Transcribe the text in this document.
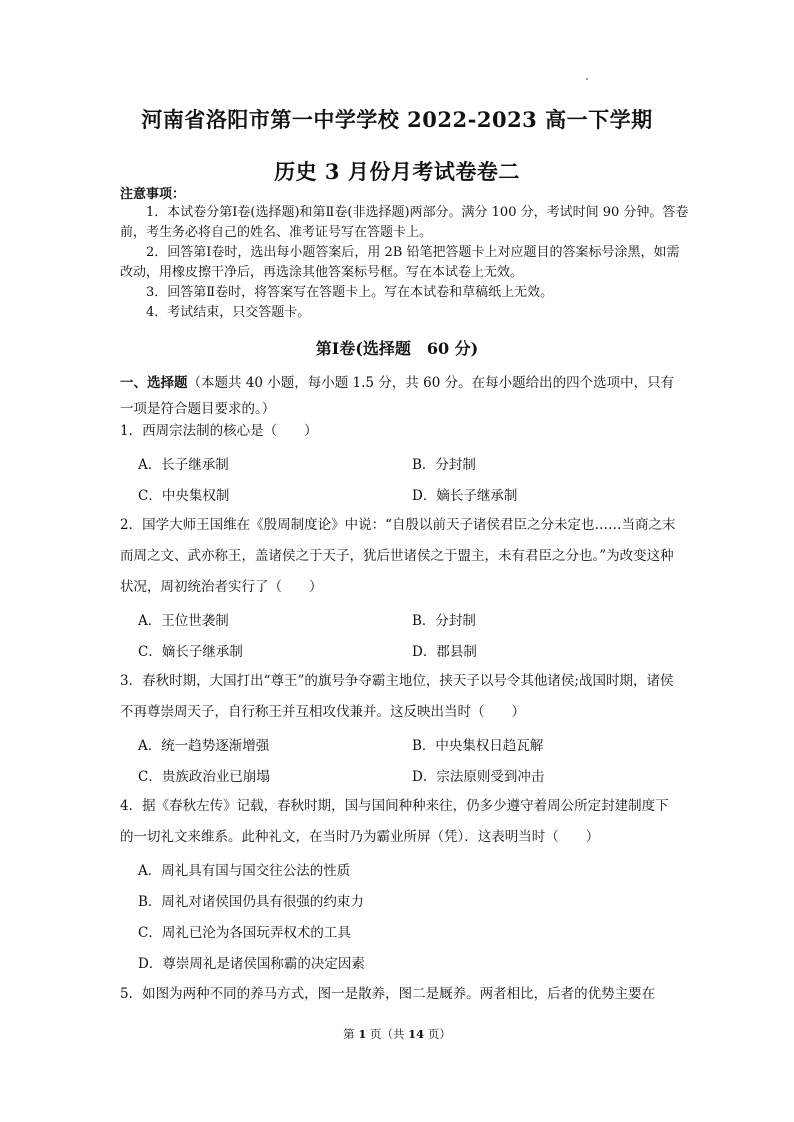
河南省洛阳市第一中学学校 2022-2023 高一下学期
历史 3 月份月考试卷卷二
注意事项：
1．本试卷分第Ⅰ卷(选择题)和第Ⅱ卷(非选择题)两部分。满分 100 分，考试时间 90 分钟。答卷前，考生务必将自己的姓名、准考证号写在答题卡上。
2．回答第Ⅰ卷时，选出每小题答案后，用 2B 铅笔把答题卡上对应题目的答案标号涂黑，如需改动，用橡皮擦干净后，再选涂其他答案标号框。写在本试卷上无效。
3．回答第Ⅱ卷时，将答案写在答题卡上。写在本试卷和草稿纸上无效。
4．考试结束，只交答题卡。
第Ⅰ卷(选择题　60 分)
一、选择题（本题共 40 小题，每小题 1.5 分，共 60 分。在每小题给出的四个选项中，只有一项是符合题目要求的。）
1．西周宗法制的核心是（　　）
A．长子继承制	B．分封制
C．中央集权制	D．嫡长子继承制
2．国学大师王国维在《殷周制度论》中说：“自殷以前天子诸侯君臣之分未定也……当商之末而周之文、武亦称王，盖诸侯之于天子，犹后世诸侯之于盟主，未有君臣之分也。”为改变这种状况，周初统治者实行了（　　）
A．王位世袭制	B．分封制
C．嫡长子继承制	D．郡县制
3．春秋时期，大国打出“尊王”的旗号争夺霸主地位，挟天子以号令其他诸侯;战国时期，诸侯不再尊崇周天子，自行称王并互相攻伐兼并。这反映出当时（　　）
A．统一趋势逐渐增强	B．中央集权日趋瓦解
C．贵族政治业已崩塌	D．宗法原则受到冲击
4．据《春秋左传》记载，春秋时期，国与国间种种来往，仍多少遵守着周公所定封建制度下的一切礼文来维系。此种礼文，在当时乃为霸业所屏（凭）．这表明当时（　　）
A．周礼具有国与国交往公法的性质
B．周礼对诸侯国仍具有很强的约束力
C．周礼已沦为各国玩弄权术的工具
D．尊崇周礼是诸侯国称霸的决定因素
5．如图为两种不同的养马方式，图一是散养，图二是厩养。两者相比，后者的优势主要在
第 1 页（共 14 页）
